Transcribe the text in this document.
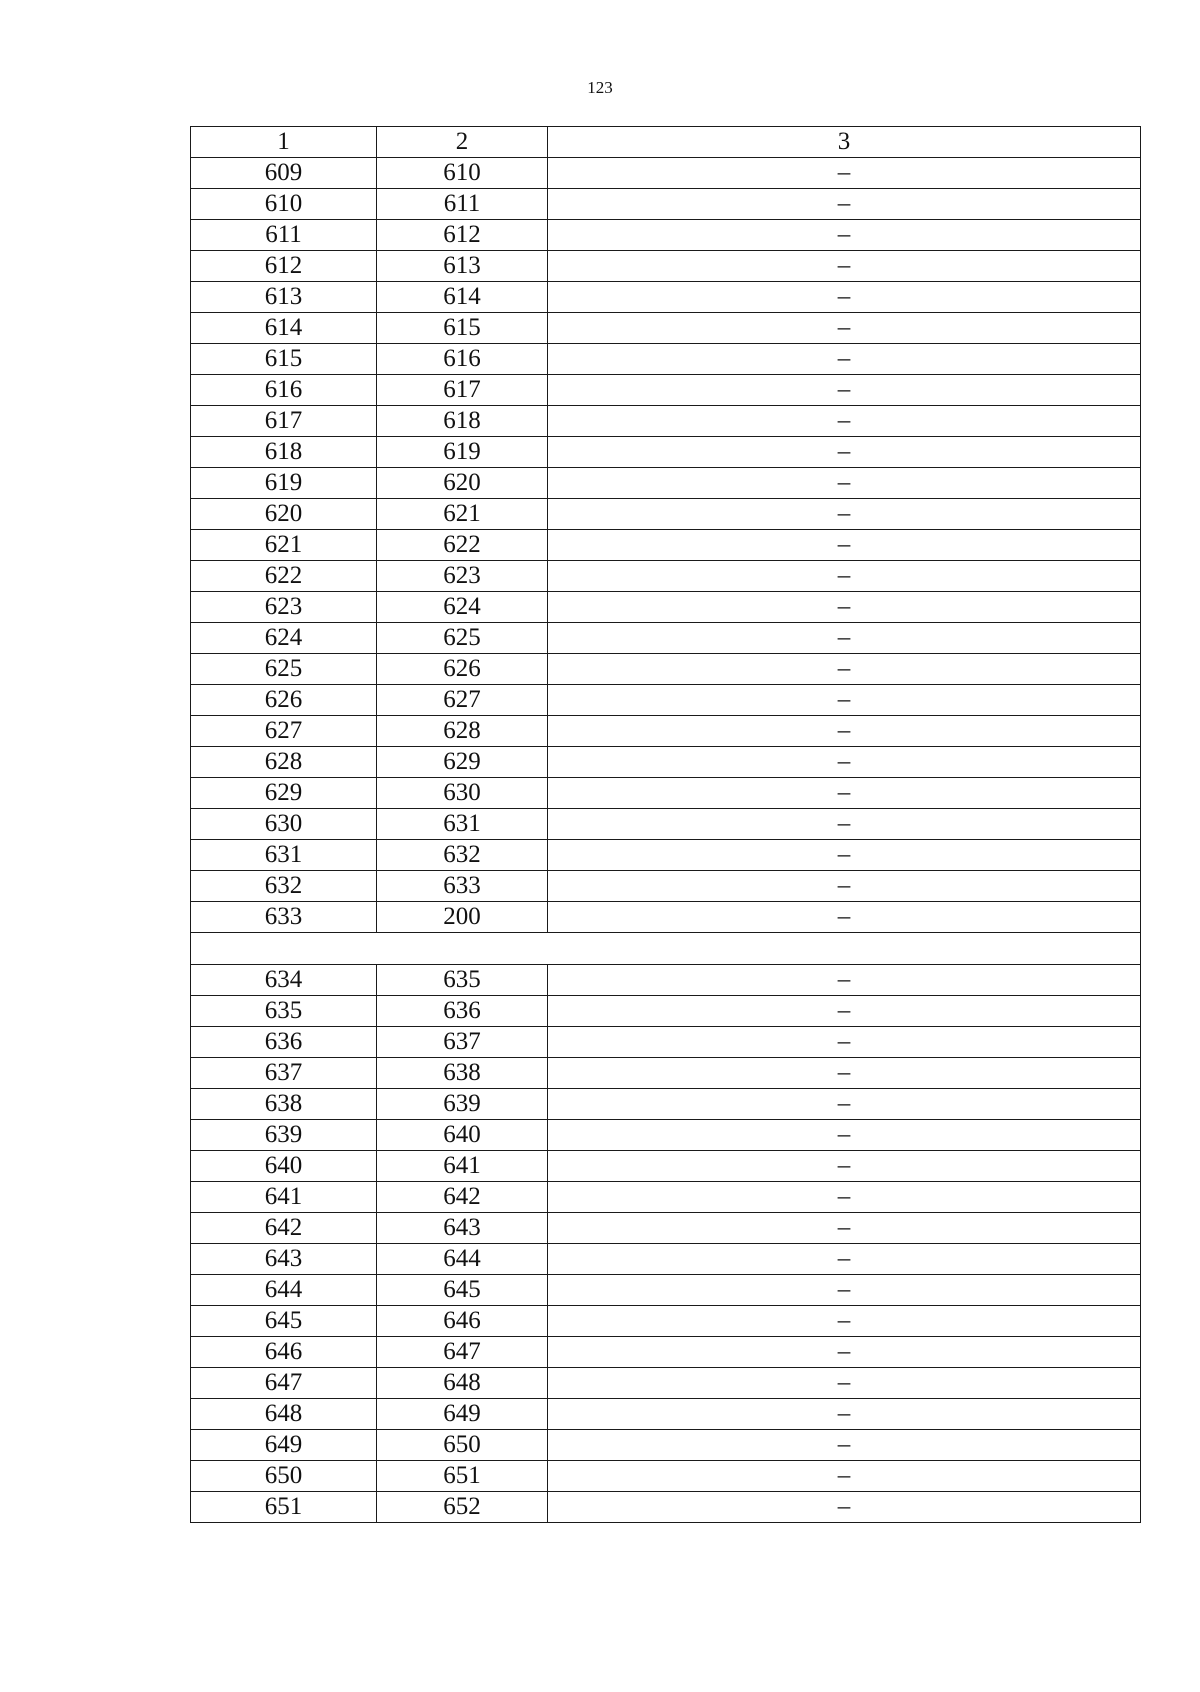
123
1	2	3
609	610	–
610	611	–
611	612	–
612	613	–
613	614	–
614	615	–
615	616	–
616	617	–
617	618	–
618	619	–
619	620	–
620	621	–
621	622	–
622	623	–
623	624	–
624	625	–
625	626	–
626	627	–
627	628	–
628	629	–
629	630	–
630	631	–
631	632	–
632	633	–
633	200	–

634	635	–
635	636	–
636	637	–
637	638	–
638	639	–
639	640	–
640	641	–
641	642	–
642	643	–
643	644	–
644	645	–
645	646	–
646	647	–
647	648	–
648	649	–
649	650	–
650	651	–
651	652	–
